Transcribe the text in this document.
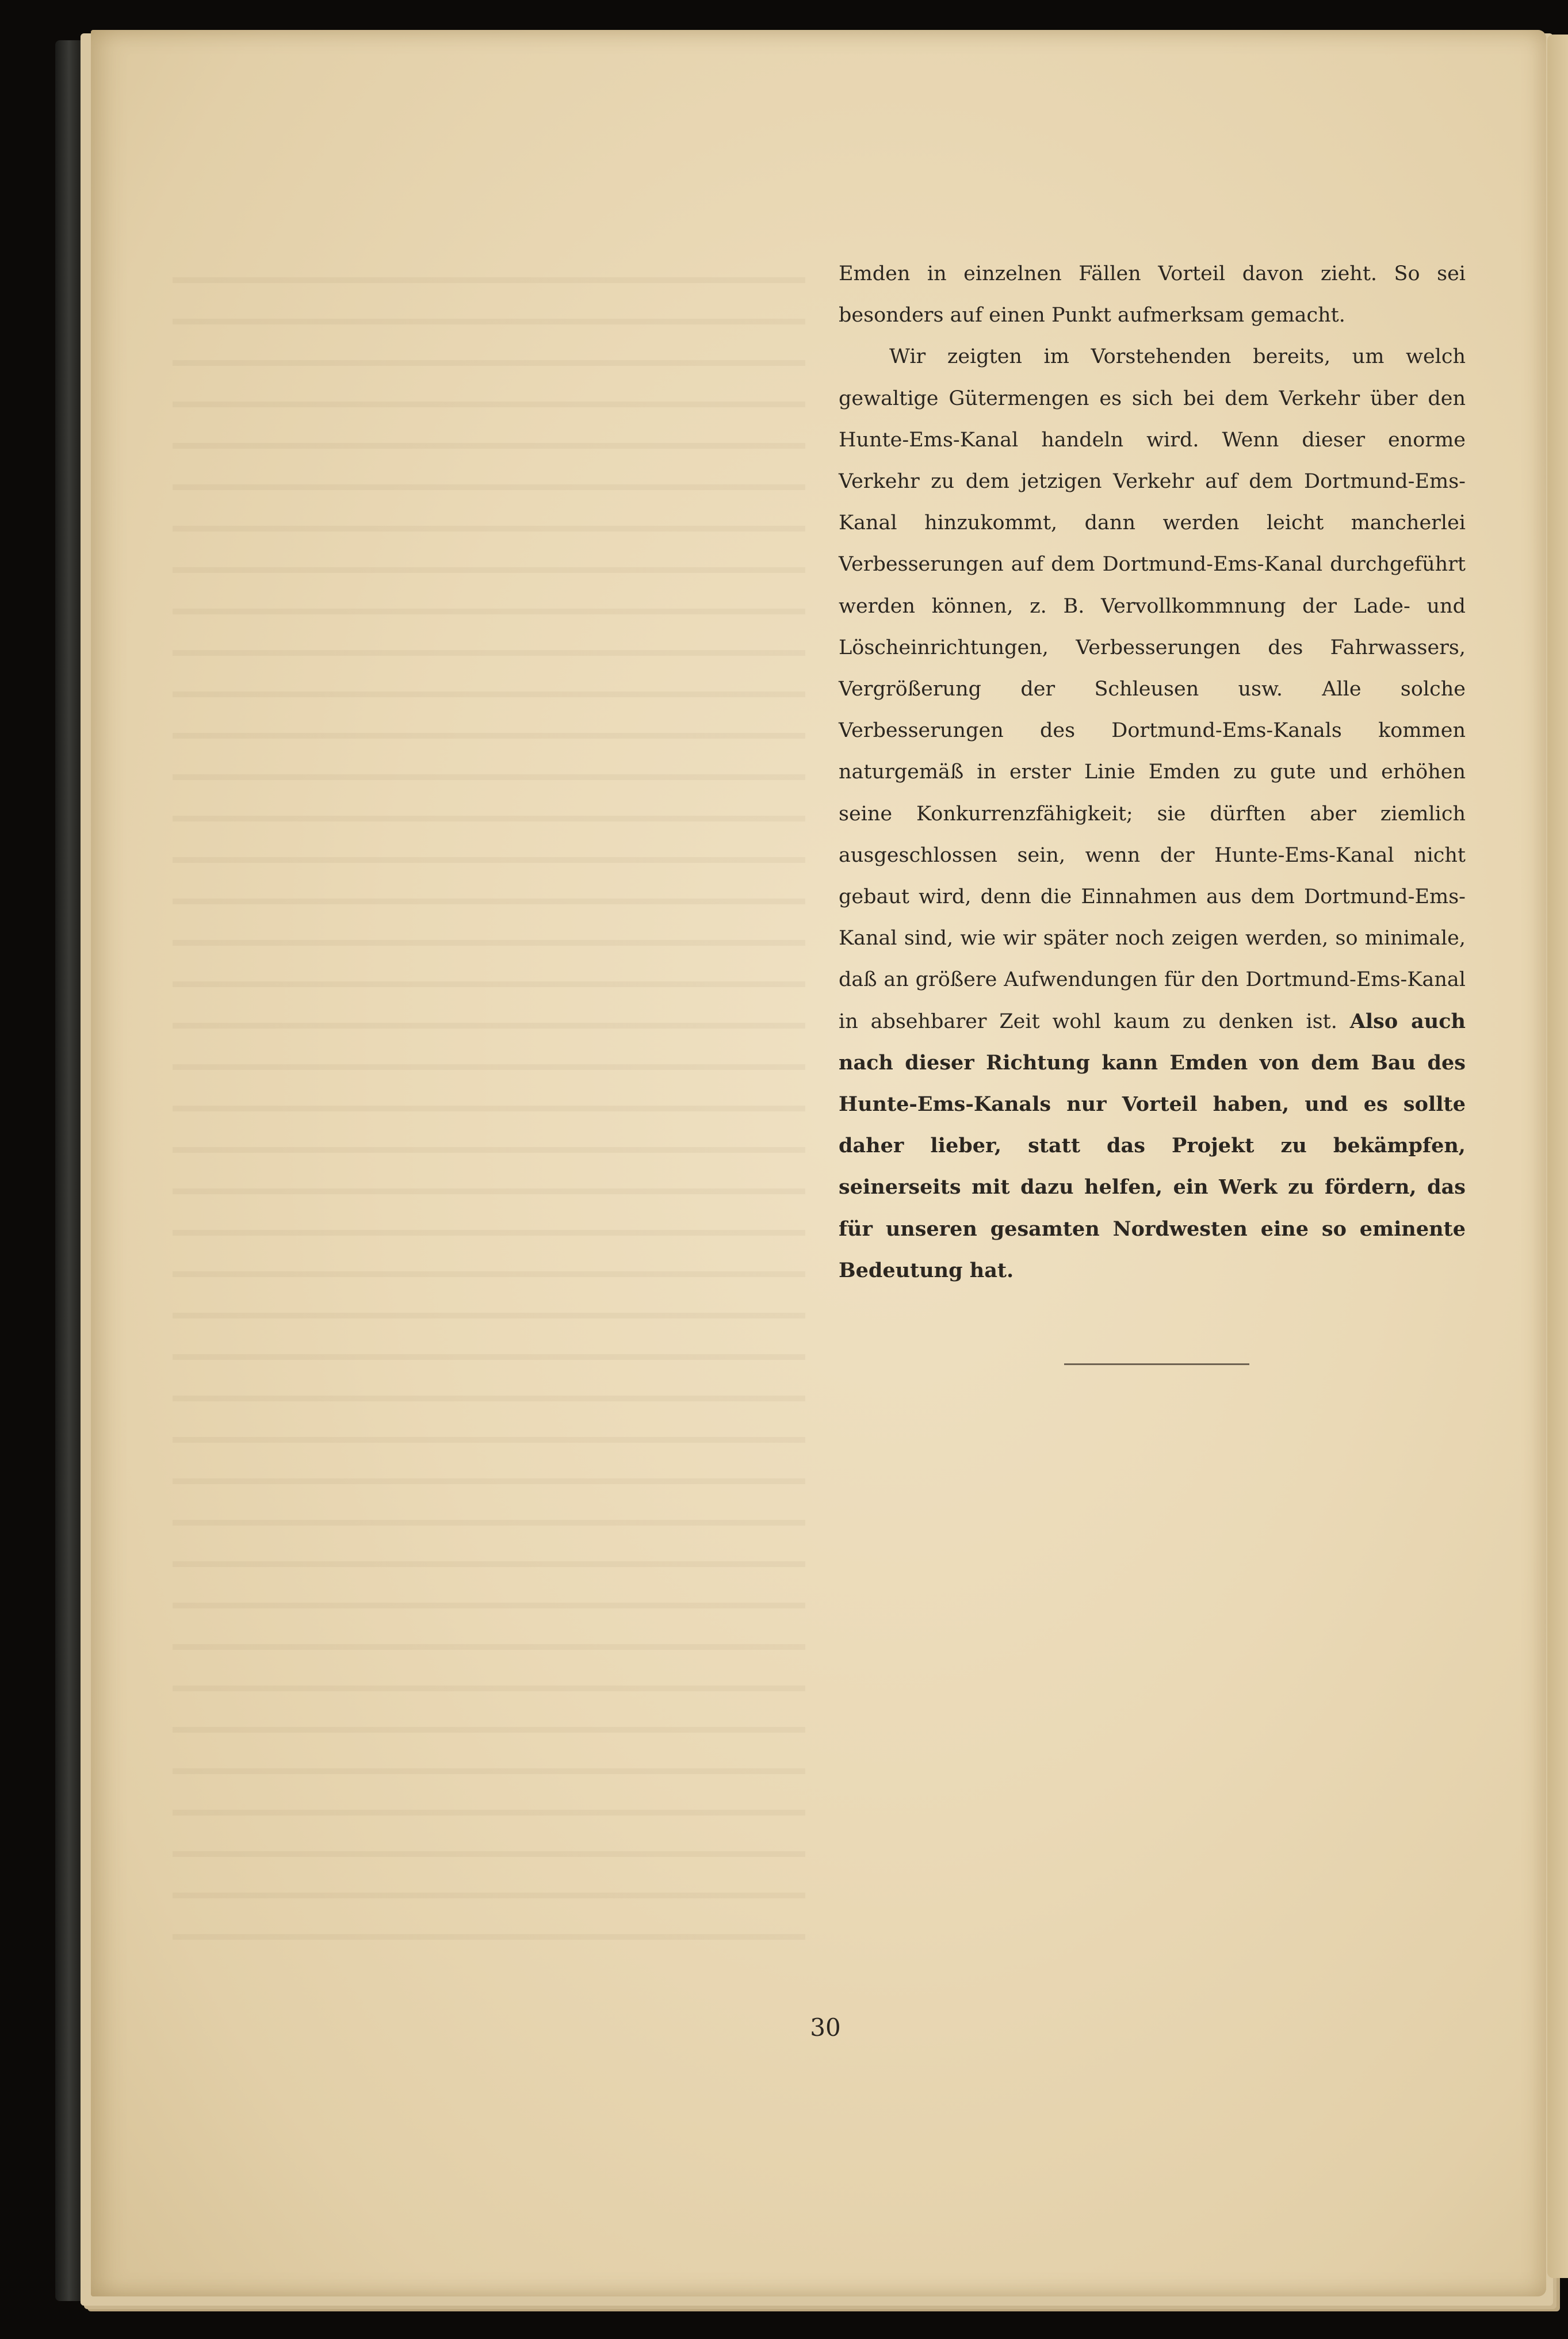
Emden in einzelnen Fällen Vorteil davon zieht. So sei besonders auf einen Punkt aufmerksam gemacht.

Wir zeigten im Vorstehenden bereits, um welch gewaltige Gütermengen es sich bei dem Verkehr über den Hunte-Ems-Kanal handeln wird. Wenn dieser enorme Verkehr zu dem jetzigen Verkehr auf dem Dortmund-Ems-Kanal hinzukommt, dann werden leicht mancherlei Verbesserungen auf dem Dortmund-Ems-Kanal durchgeführt werden können, z. B. Vervollkommnung der Lade- und Löscheinrichtungen, Verbesserungen des Fahrwassers, Vergrößerung der Schleusen usw. Alle solche Verbesserungen des Dortmund-Ems-Kanals kommen naturgemäß in erster Linie Emden zu gute und erhöhen seine Konkurrenzfähigkeit; sie dürften aber ziemlich ausgeschlossen sein, wenn der Hunte-Ems-Kanal nicht gebaut wird, denn die Einnahmen aus dem Dortmund-Ems-Kanal sind, wie wir später noch zeigen werden, so minimale, daß an größere Aufwendungen für den Dortmund-Ems-Kanal in absehbarer Zeit wohl kaum zu denken ist. Also auch nach dieser Richtung kann Emden von dem Bau des Hunte-Ems-Kanals nur Vorteil haben, und es sollte daher lieber, statt das Projekt zu bekämpfen, seinerseits mit dazu helfen, ein Werk zu fördern, das für unseren gesamten Nordwesten eine so eminente Bedeutung hat.

30
